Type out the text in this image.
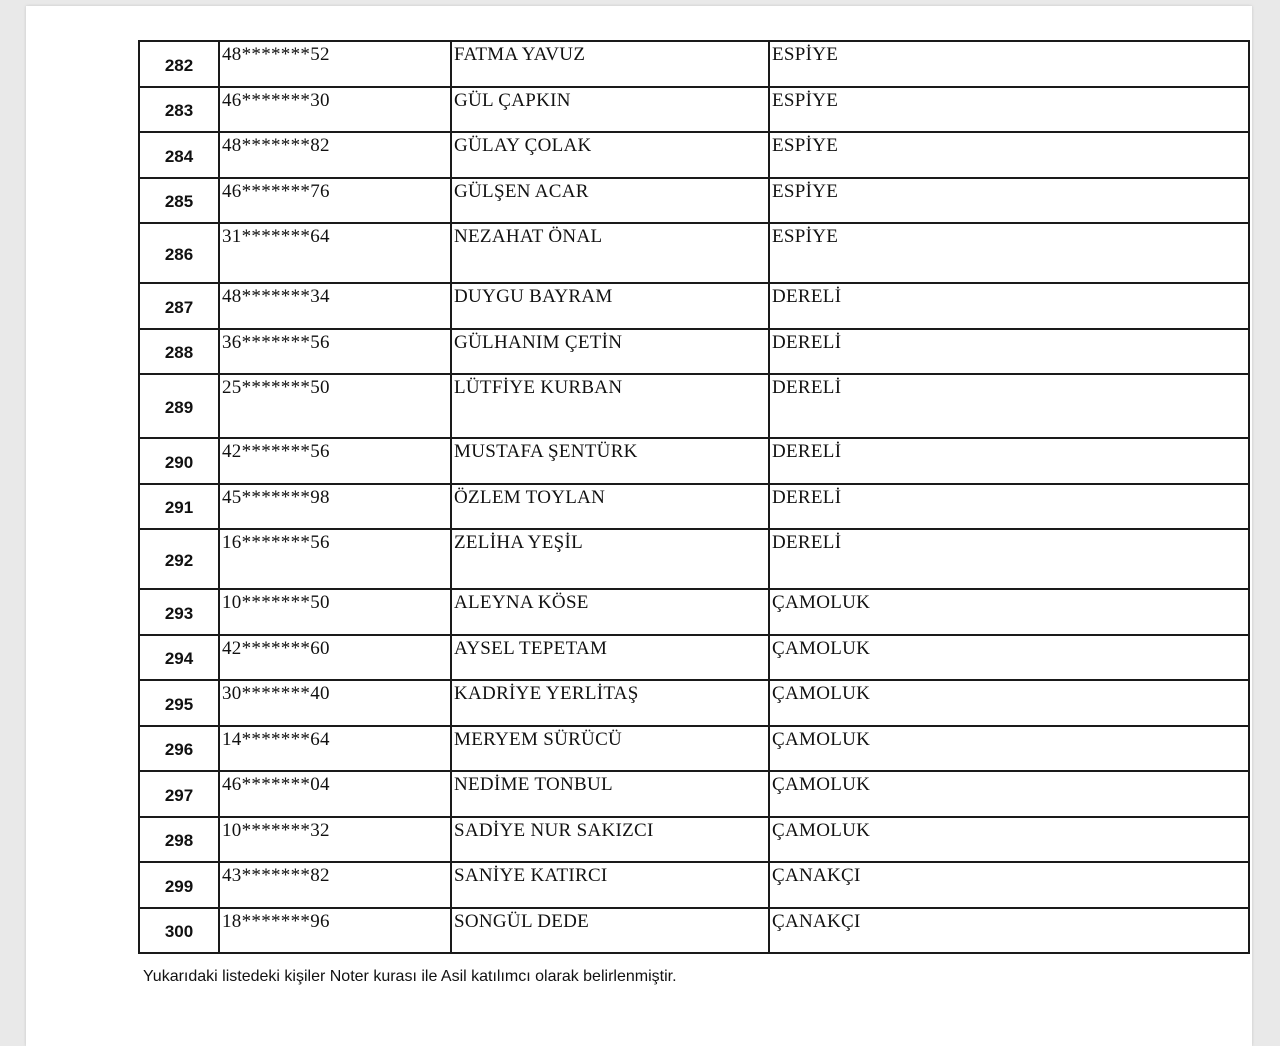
282	48*******52	FATMA YAVUZ	ESPİYE

283	46*******30	GÜL ÇAPKIN	ESPİYE

284	48*******82	GÜLAY ÇOLAK	ESPİYE

285	46*******76	GÜLŞEN ACAR	ESPİYE

286	31*******64	NEZAHAT ÖNAL	ESPİYE

287	48*******34	DUYGU BAYRAM	DERELİ

288	36*******56	GÜLHANIM ÇETİN	DERELİ

289	25*******50	LÜTFİYE KURBAN	DERELİ

290	42*******56	MUSTAFA ŞENTÜRK	DERELİ

291	45*******98	ÖZLEM TOYLAN	DERELİ

292	16*******56	ZELİHA YEŞİL	DERELİ

293	10*******50	ALEYNA KÖSE	ÇAMOLUK

294	42*******60	AYSEL TEPETAM	ÇAMOLUK

295	30*******40	KADRİYE YERLİTAŞ	ÇAMOLUK

296	14*******64	MERYEM SÜRÜCÜ	ÇAMOLUK

297	46*******04	NEDİME TONBUL	ÇAMOLUK

298	10*******32	SADİYE NUR SAKIZCI	ÇAMOLUK

299	43*******82	SANİYE KATIRCI	ÇANAKÇI

300	18*******96	SONGÜL DEDE	ÇANAKÇI
Yukarıdaki listedeki kişiler Noter kurası ile Asil katılımcı olarak belirlenmiştir.
